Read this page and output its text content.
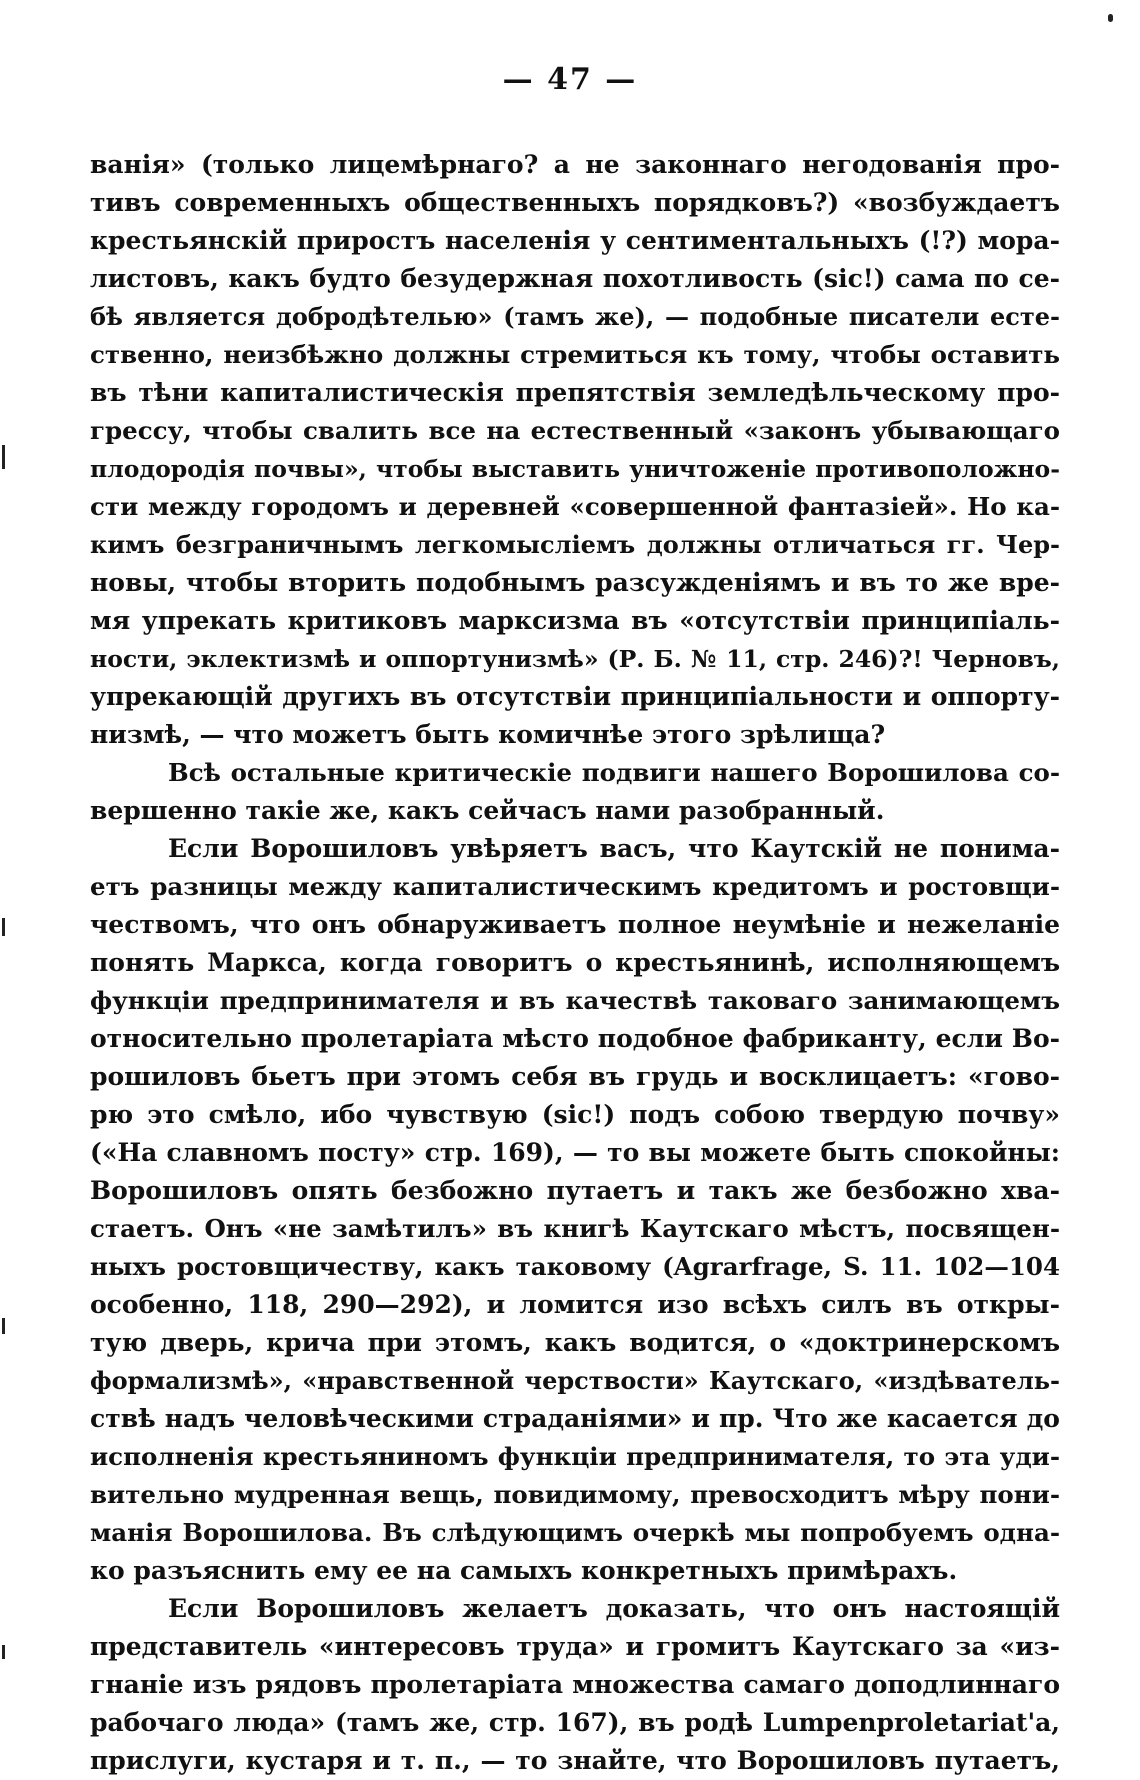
— 47 —
ванія» (только лицемѣрнаго? а не законнаго негодованія про-
тивъ современныхъ общественныхъ порядковъ?) «возбуждаетъ
крестьянскій приростъ населенія у сентиментальныхъ (!?) мора-
листовъ, какъ будто безудержная похотливость (sic!) сама по се-
бѣ является добродѣтелью» (тамъ же), — подобные писатели есте-
ственно, неизбѣжно должны стремиться къ тому, чтобы оставить
въ тѣни капиталистическія препятствія земледѣльческому про-
грессу, чтобы свалить все на естественный «законъ убывающаго
плодородія почвы», чтобы выставить уничтоженіе противоположно-
сти между городомъ и деревней «совершенной фантазіей». Но ка-
кимъ безграничнымъ легкомысліемъ должны отличаться гг. Чер-
новы, чтобы вторить подобнымъ разсужденіямъ и въ то же вре-
мя упрекать критиковъ марксизма въ «отсутствіи принципіаль-
ности, эклектизмѣ и оппортунизмѣ» (Р. Б. № 11, стр. 246)?! Черновъ,
упрекающій другихъ въ отсутствіи принципіальности и оппорту-
низмѣ, — что можетъ быть комичнѣе этого зрѣлища?
Всѣ остальные критическіе подвиги нашего Ворошилова со-
вершенно такіе же, какъ сейчасъ нами разобранный.
Если Ворошиловъ увѣряетъ васъ, что Каутскій не понима-
етъ разницы между капиталистическимъ кредитомъ и ростовщи-
чествомъ, что онъ обнаруживаетъ полное неумѣніе и нежеланіе
понять Маркса, когда говоритъ о крестьянинѣ, исполняющемъ
функціи предпринимателя и въ качествѣ таковаго занимающемъ
относительно пролетаріата мѣсто подобное фабриканту, если Во-
рошиловъ бьетъ при этомъ себя въ грудь и восклицаетъ: «гово-
рю это смѣло, ибо чувствую (sic!) подъ собою твердую почву»
(«На славномъ посту» стр. 169), — то вы можете быть спокойны:
Ворошиловъ опять безбожно путаетъ и такъ же безбожно хва-
стаетъ. Онъ «не замѣтилъ» въ книгѣ Каутскаго мѣстъ, посвящен-
ныхъ ростовщичеству, какъ таковому (Agrarfrage, S. 11. 102—104
особенно, 118, 290—292), и ломится изо всѣхъ силъ въ откры-
тую дверь, крича при этомъ, какъ водится, о «доктринерскомъ
формализмѣ», «нравственной черствости» Каутскаго, «издѣватель-
ствѣ надъ человѣческими страданіями» и пр. Что же касается до
исполненія крестьяниномъ функціи предпринимателя, то эта уди-
вительно мудренная вещь, повидимому, превосходитъ мѣру пони-
манія Ворошилова. Въ слѣдующимъ очеркѣ мы попробуемъ одна-
ко разъяснить ему ее на самыхъ конкретныхъ примѣрахъ.
Если Ворошиловъ желаетъ доказать, что онъ настоящій
представитель «интересовъ труда» и громитъ Каутскаго за «из-
гнаніе изъ рядовъ пролетаріата множества самаго доподлиннаго
рабочаго люда» (тамъ же, стр. 167), въ родѣ Lumpenproletariat'а,
прислуги, кустаря и т. п., — то знайте, что Ворошиловъ путаетъ,
